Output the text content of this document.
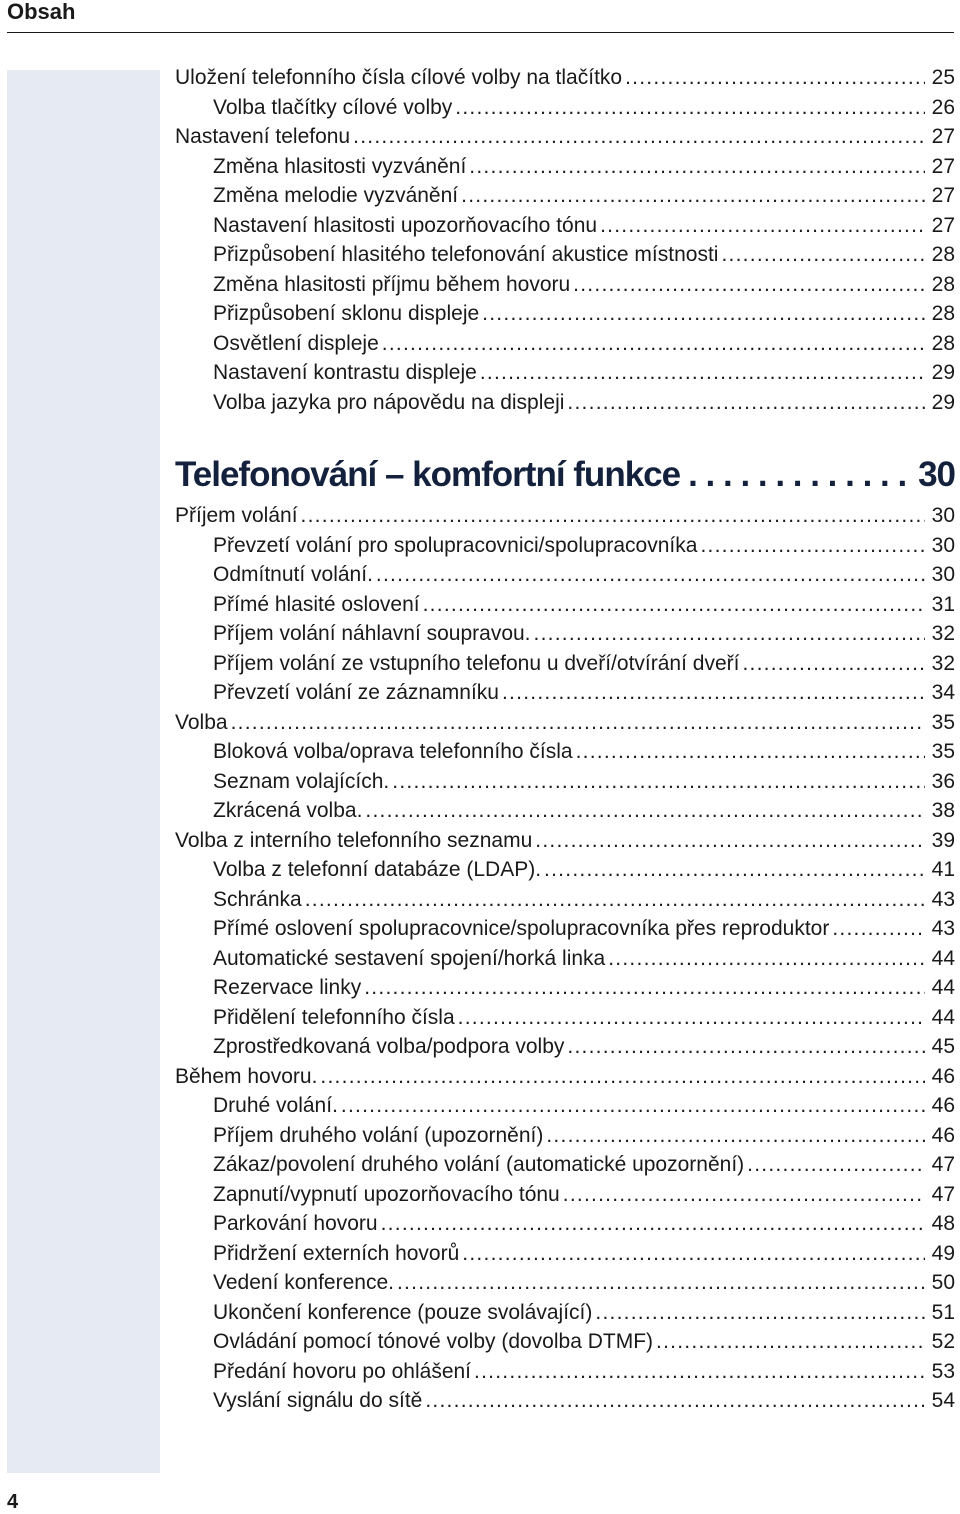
Obsah
Uložení telefonního čísla cílové volby na tlačítko . . .	25
Volba tlačítky cílové volby . . .	26
Nastavení telefonu . . .	27
Změna hlasitosti vyzvánění . . .	27
Změna melodie vyzvánění . . .	27
Nastavení hlasitosti upozorňovacího tónu . . .	27
Přizpůsobení hlasitého telefonování akustice místnosti . . .	28
Změna hlasitosti příjmu během hovoru . . .	28
Přizpůsobení sklonu displeje . . .	28
Osvětlení displeje . . .	28
Nastavení kontrastu displeje . . .	29
Volba jazyka pro nápovědu na displeji . . .	29
Telefonování – komfortní funkce . . .	30
Příjem volání . . .	30
Převzetí volání pro spolupracovnici/spolupracovníka . . .	30
Odmítnutí volání. . . .	30
Přímé hlasité oslovení . . .	31
Příjem volání náhlavní soupravou. . . .	32
Příjem volání ze vstupního telefonu u dveří/otvírání dveří . . .	32
Převzetí volání ze záznamníku . . .	34
Volba . . .	35
Bloková volba/oprava telefonního čísla . . .	35
Seznam volajících. . . .	36
Zkrácená volba. . . .	38
Volba z interního telefonního seznamu . . .	39
Volba z telefonní databáze (LDAP). . . .	41
Schránka . . .	43
Přímé oslovení spolupracovnice/spolupracovníka přes reproduktor . . .	43
Automatické sestavení spojení/horká linka . . .	44
Rezervace linky . . .	44
Přidělení telefonního čísla . . .	44
Zprostředkovaná volba/podpora volby . . .	45
Během hovoru. . . .	46
Druhé volání. . . .	46
Příjem druhého volání (upozornění) . . .	46
Zákaz/povolení druhého volání (automatické upozornění) . . .	47
Zapnutí/vypnutí upozorňovacího tónu . . .	47
Parkování hovoru . . .	48
Přidržení externích hovorů . . .	49
Vedení konference. . . .	50
Ukončení konference (pouze svolávající) . . .	51
Ovládání pomocí tónové volby (dovolba DTMF) . . .	52
Předání hovoru po ohlášení . . .	53
Vyslání signálu do sítě . . .	54
4
